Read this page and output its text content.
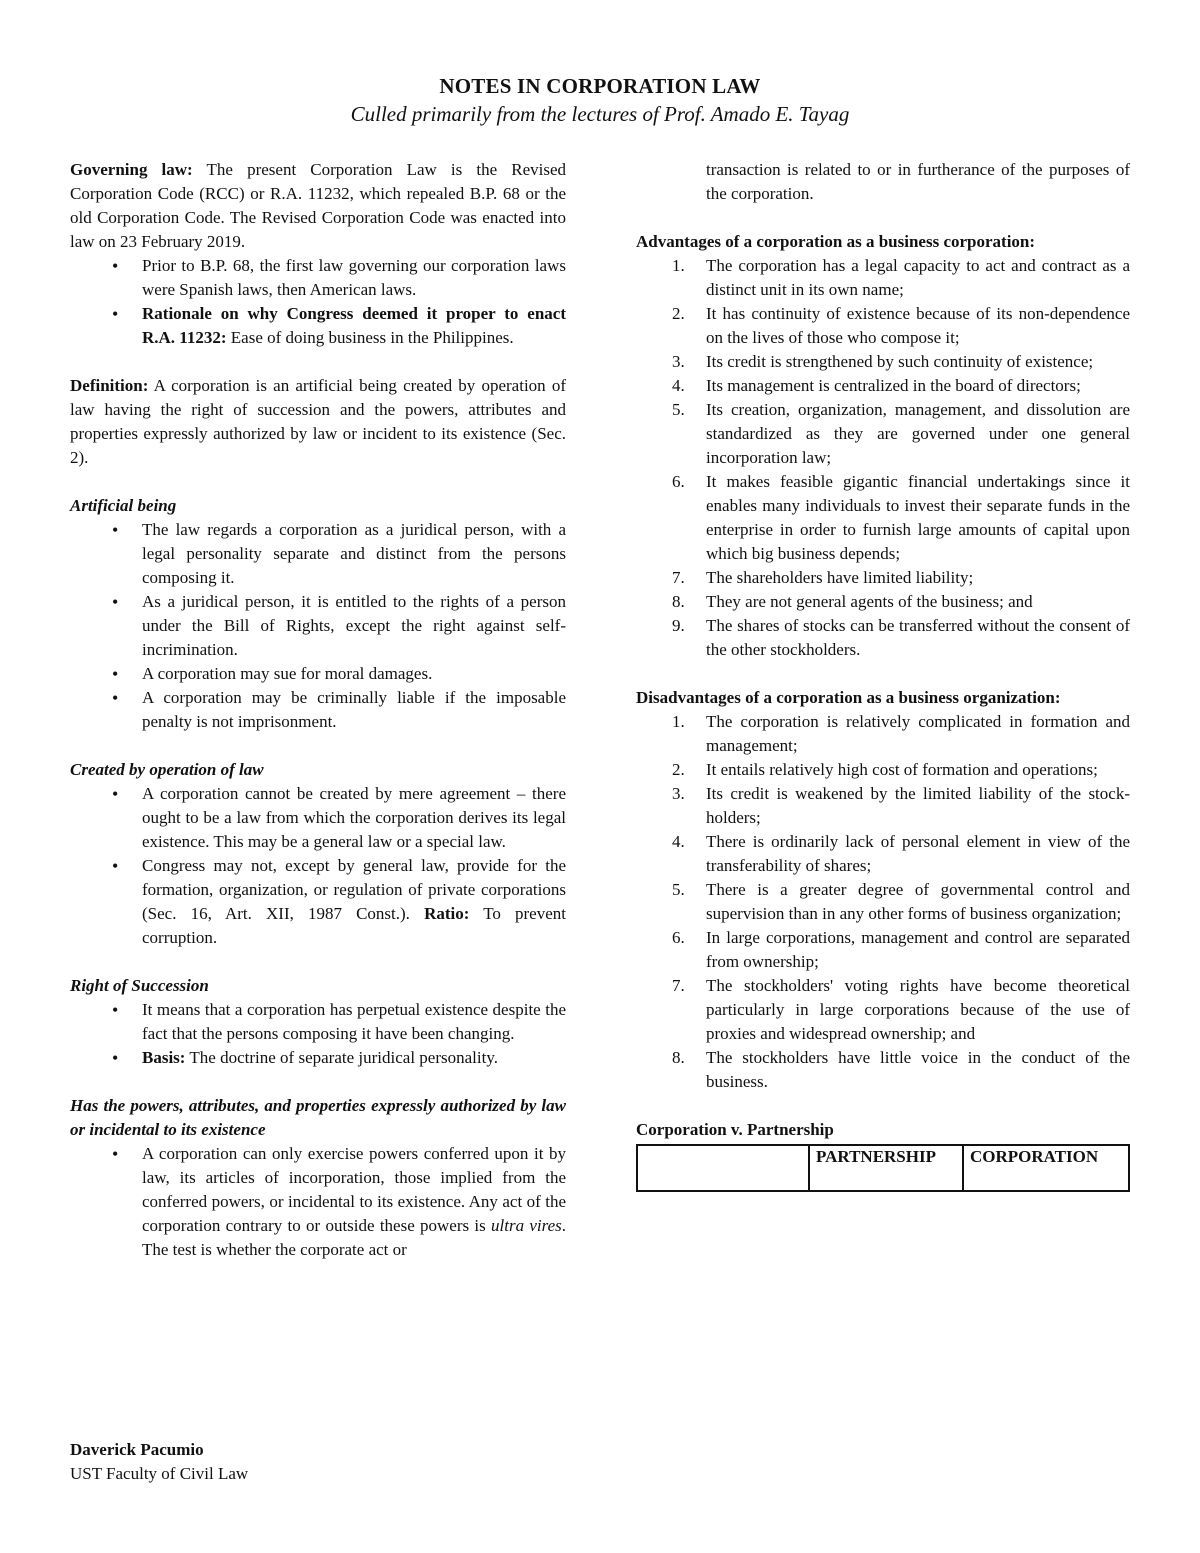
NOTES IN CORPORATION LAW
Culled primarily from the lectures of Prof. Amado E. Tayag

Governing law: The present Corporation Law is the Revised Corporation Code (RCC) or R.A. 11232, which repealed B.P. 68 or the old Corporation Code. The Revised Corporation Code was enacted into law on 23 February 2019.

• Prior to B.P. 68, the first law governing our corporation laws were Spanish laws, then American laws.
• Rationale on why Congress deemed it proper to enact R.A. 11232: Ease of doing business in the Philippines.

Definition: A corporation is an artificial being created by operation of law having the right of succession and the powers, attributes and properties expressly authorized by law or incident to its existence (Sec. 2).

Artificial being

• The law regards a corporation as a juridical person, with a legal personality separate and distinct from the persons composing it.
• As a juridical person, it is entitled to the rights of a person under the Bill of Rights, except the right against self-incrimination.
• A corporation may sue for moral damages.
• A corporation may be criminally liable if the imposable penalty is not imprisonment.

Created by operation of law

• A corporation cannot be created by mere agreement – there ought to be a law from which the corporation derives its legal existence. This may be a general law or a special law.
• Congress may not, except by general law, provide for the formation, organization, or regulation of private corporations (Sec. 16, Art. XII, 1987 Const.). Ratio: To prevent corruption.

Right of Succession

• It means that a corporation has perpetual existence despite the fact that the persons composing it have been changing.
• Basis: The doctrine of separate juridical personality.

Has the powers, attributes, and properties expressly authorized by law or incidental to its existence

• A corporation can only exercise powers conferred upon it by law, its articles of incorporation, those implied from the conferred powers, or incidental to its existence. Any act of the corporation contrary to or outside these powers is ultra vires. The test is whether the corporate act or
Daverick Pacumio
UST Faculty of Civil Law

transaction is related to or in furtherance of the purposes of the corporation.

Advantages of a corporation as a business corporation:

1. The corporation has a legal capacity to act and contract as a distinct unit in its own name;
2. It has continuity of existence because of its non-dependence on the lives of those who compose it;
3. Its credit is strengthened by such continuity of existence;
4. Its management is centralized in the board of directors;
5. Its creation, organization, management, and dissolution are standardized as they are governed under one general incorporation law;
6. It makes feasible gigantic financial undertakings since it enables many individuals to invest their separate funds in the enterprise in order to furnish large amounts of capital upon which big business depends;
7. The shareholders have limited liability;
8. They are not general agents of the business; and
9. The shares of stocks can be transferred without the consent of the other stockholders.

Disadvantages of a corporation as a business organization:

1. The corporation is relatively complicated in formation and management;
2. It entails relatively high cost of formation and operations;
3. Its credit is weakened by the limited liability of the stock- holders;
4. There is ordinarily lack of personal element in view of the transferability of shares;
5. There is a greater degree of governmental control and supervision than in any other forms of business organization;
6. In large corporations, management and control are separated from ownership;
7. The stockholders' voting rights have become theoretical particularly in large corporations because of the use of proxies and widespread ownership; and
8. The stockholders have little voice in the conduct of the business.

Corporation v. Partnership

	PARTNERSHIP	CORPORATION
